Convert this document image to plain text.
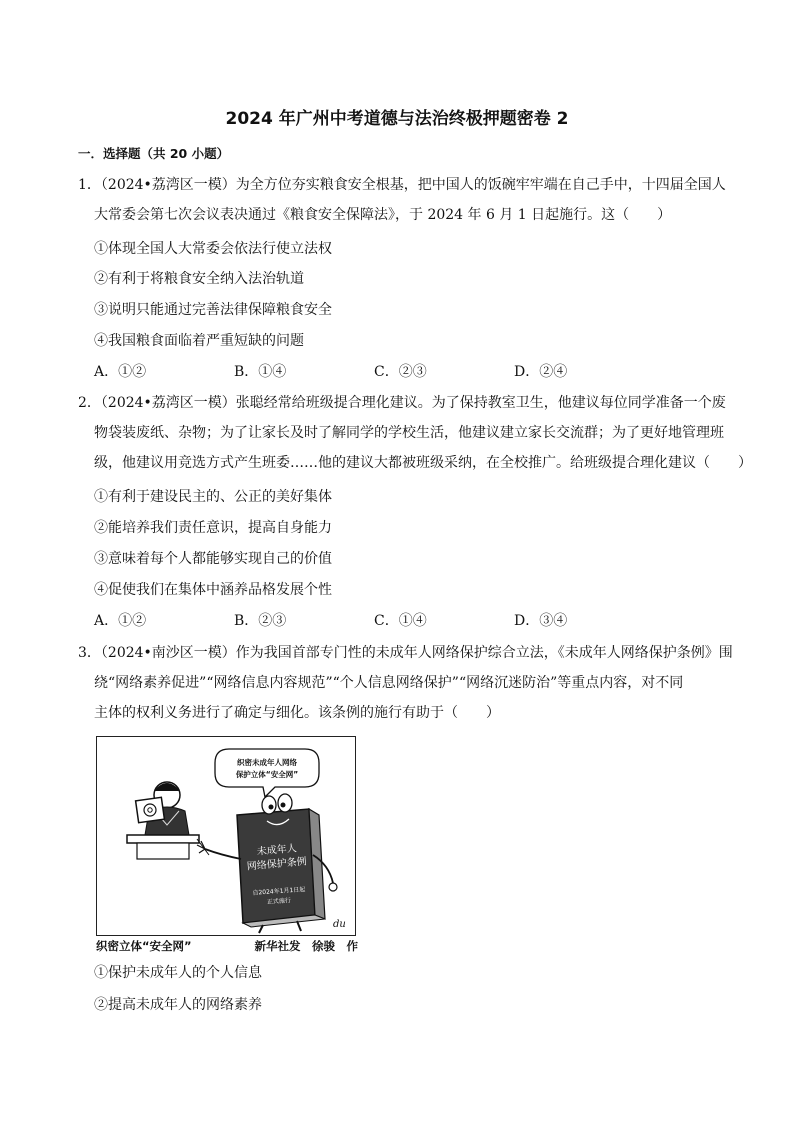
2024 年广州中考道德与法治终极押题密卷 2
一．选择题（共 20 小题）
1．（2024•荔湾区一模）为全方位夯实粮食安全根基，把中国人的饭碗牢牢端在自己手中，十四届全国人
大常委会第七次会议表决通过《粮食安全保障法》，于 2024 年 6 月 1 日起施行。这（　　）
①体现全国人大常委会依法行使立法权
②有利于将粮食安全纳入法治轨道
③说明只能通过完善法律保障粮食安全
④我国粮食面临着严重短缺的问题
A．①②	B．①④	C．②③	D．②④
2．（2024•荔湾区一模）张聪经常给班级提合理化建议。为了保持教室卫生，他建议每位同学准备一个废
物袋装废纸、杂物；为了让家长及时了解同学的学校生活，他建议建立家长交流群；为了更好地管理班
级，他建议用竞选方式产生班委……他的建议大都被班级采纳，在全校推广。给班级提合理化建议（　　）
①有利于建设民主的、公正的美好集体
②能培养我们责任意识，提高自身能力
③意味着每个人都能够实现自己的价值
④促使我们在集体中涵养品格发展个性
A．①②	B．②③	C．①④	D．③④
3．（2024•南沙区一模）作为我国首部专门性的未成年人网络保护综合立法，《未成年人网络保护条例》围
绕“网络素养促进”“网络信息内容规范”“个人信息网络保护”“网络沉迷防治”等重点内容，对不同
主体的权利义务进行了确定与细化。该条例的施行有助于（　　）
织密未成年人网络
保护立体“安全网”
未成年人
网络保护条例
自2024年1月1日起
正式施行
du
织密立体“安全网”	新华社发　徐骏　作
①保护未成年人的个人信息
②提高未成年人的网络素养
